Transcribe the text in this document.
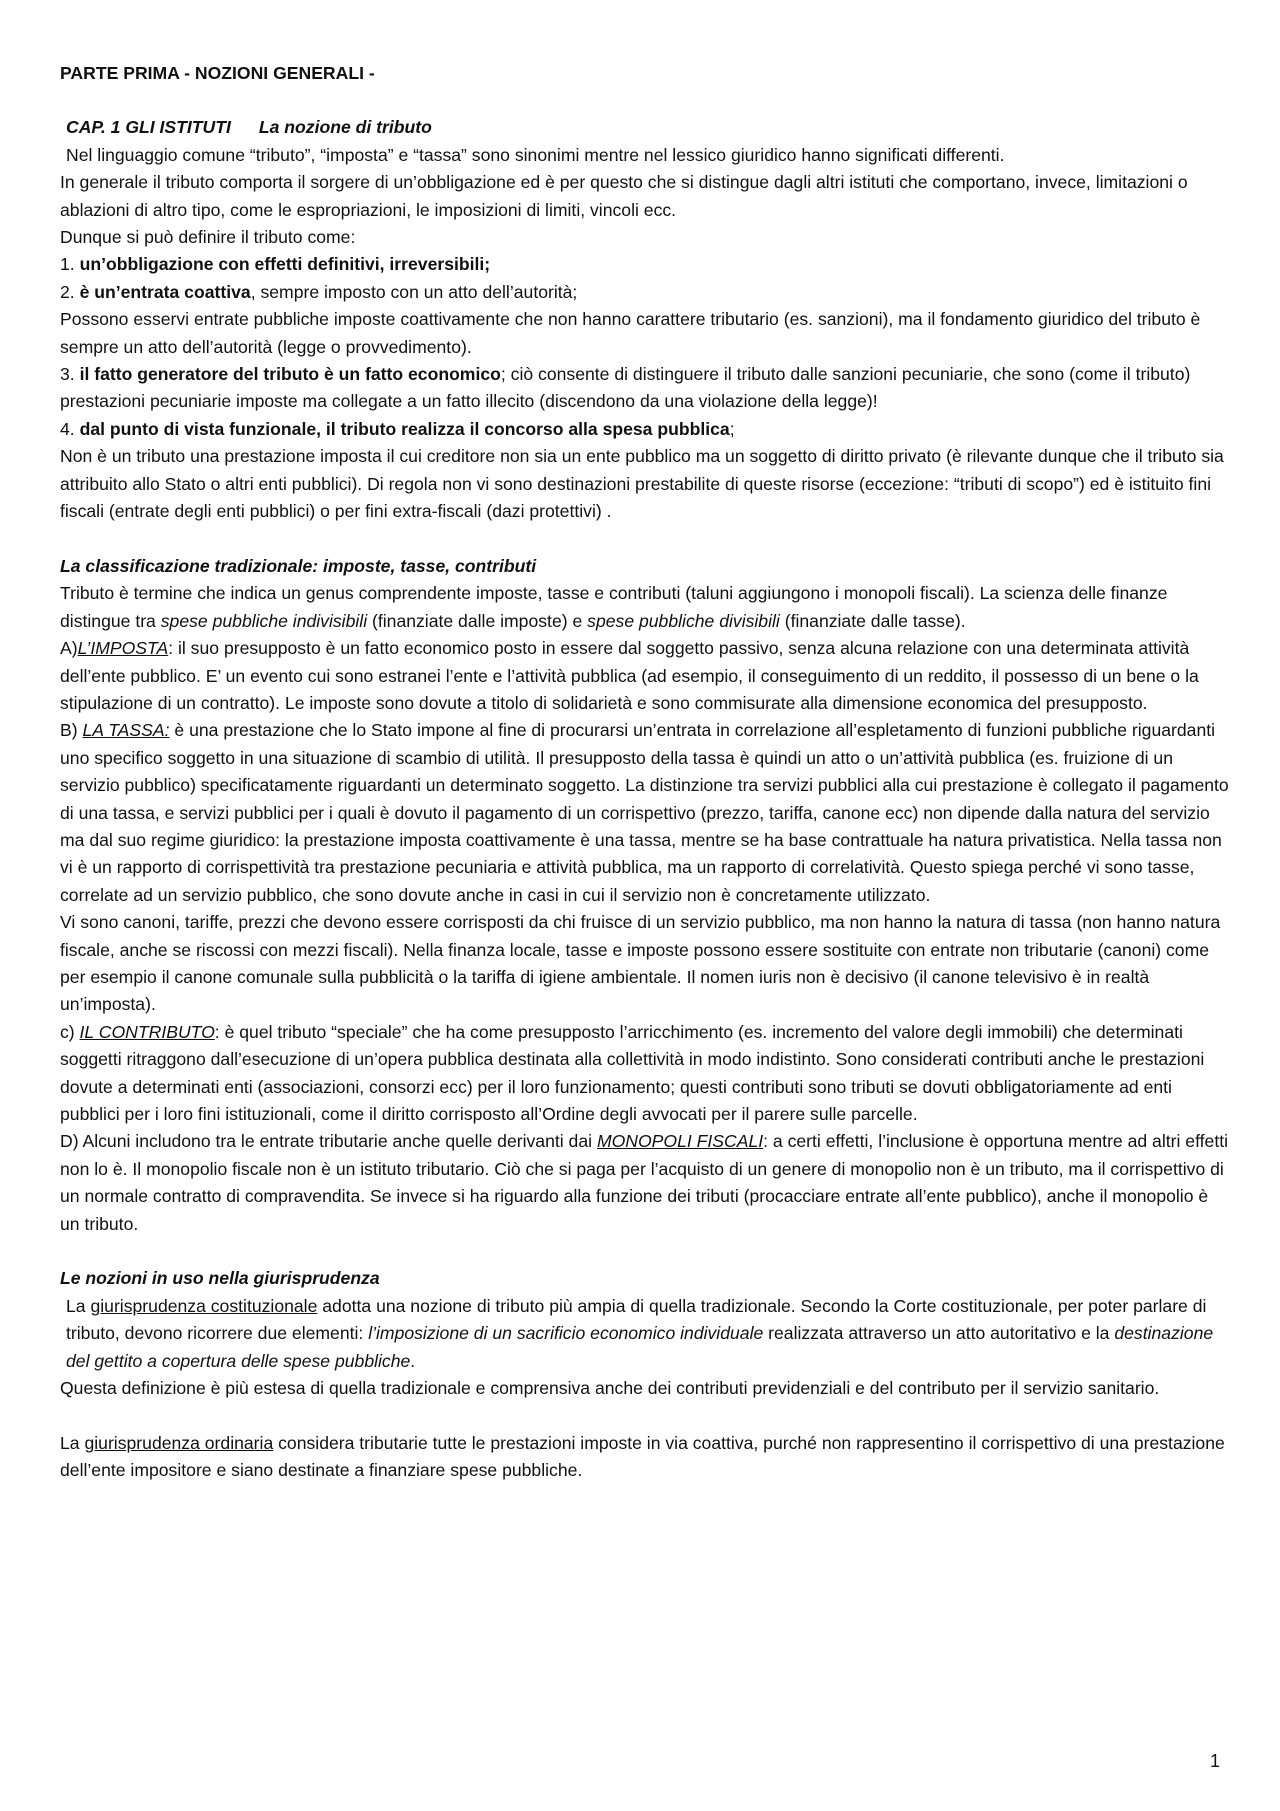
PARTE PRIMA - NOZIONI GENERALI -

CAP. 1 GLI ISTITUTI La nozione di tributo

Nel linguaggio comune “tributo”, “imposta” e “tassa” sono sinonimi mentre nel lessico giuridico hanno significati differenti.

In generale il tributo comporta il sorgere di un’obbligazione ed è per questo che si distingue dagli altri istituti che comportano, invece, limitazioni o ablazioni di altro tipo, come le espropriazioni, le imposizioni di limiti, vincoli ecc.

Dunque si può definire il tributo come:

1. un’obbligazione con effetti definitivi, irreversibili;

2. è un’entrata coattiva, sempre imposto con un atto dell’autorità;

Possono esservi entrate pubbliche imposte coattivamente che non hanno carattere tributario (es. sanzioni), ma il fondamento giuridico del tributo è sempre un atto dell’autorità (legge o provvedimento).

3. il fatto generatore del tributo è un fatto economico; ciò consente di distinguere il tributo dalle sanzioni pecuniarie, che sono (come il tributo) prestazioni pecuniarie imposte ma collegate a un fatto illecito (discendono da una violazione della legge)!

4. dal punto di vista funzionale, il tributo realizza il concorso alla spesa pubblica;

Non è un tributo una prestazione imposta il cui creditore non sia un ente pubblico ma un soggetto di diritto privato (è rilevante dunque che il tributo sia attribuito allo Stato o altri enti pubblici). Di regola non vi sono destinazioni prestabilite di queste risorse (eccezione: “tributi di scopo”) ed è istituito fini fiscali (entrate degli enti pubblici) o per fini extra-fiscali (dazi protettivi) .

La classificazione tradizionale: imposte, tasse, contributi

Tributo è termine che indica un genus comprendente imposte, tasse e contributi (taluni aggiungono i monopoli fiscali). La scienza delle finanze distingue tra spese pubbliche indivisibili (finanziate dalle imposte) e spese pubbliche divisibili (finanziate dalle tasse).

A)L’IMPOSTA: il suo presupposto è un fatto economico posto in essere dal soggetto passivo, senza alcuna relazione con una determinata attività dell’ente pubblico. E’ un evento cui sono estranei l’ente e l’attività pubblica (ad esempio, il conseguimento di un reddito, il possesso di un bene o la stipulazione di un contratto). Le imposte sono dovute a titolo di solidarietà e sono commisurate alla dimensione economica del presupposto.

B) LA TASSA: è una prestazione che lo Stato impone al fine di procurarsi un’entrata in correlazione all’espletamento di funzioni pubbliche riguardanti uno specifico soggetto in una situazione di scambio di utilità. Il presupposto della tassa è quindi un atto o un’attività pubblica (es. fruizione di un servizio pubblico) specificatamente riguardanti un determinato soggetto. La distinzione tra servizi pubblici alla cui prestazione è collegato il pagamento di una tassa, e servizi pubblici per i quali è dovuto il pagamento di un corrispettivo (prezzo, tariffa, canone ecc) non dipende dalla natura del servizio ma dal suo regime giuridico: la prestazione imposta coattivamente è una tassa, mentre se ha base contrattuale ha natura privatistica. Nella tassa non vi è un rapporto di corrispettività tra prestazione pecuniaria e attività pubblica, ma un rapporto di correlatività. Questo spiega perché vi sono tasse, correlate ad un servizio pubblico, che sono dovute anche in casi in cui il servizio non è concretamente utilizzato.

Vi sono canoni, tariffe, prezzi che devono essere corrisposti da chi fruisce di un servizio pubblico, ma non hanno la natura di tassa (non hanno natura fiscale, anche se riscossi con mezzi fiscali). Nella finanza locale, tasse e imposte possono essere sostituite con entrate non tributarie (canoni) come per esempio il canone comunale sulla pubblicità o la tariffa di igiene ambientale. Il nomen iuris non è decisivo (il canone televisivo è in realtà un’imposta).

c) IL CONTRIBUTO: è quel tributo “speciale” che ha come presupposto l’arricchimento (es. incremento del valore degli immobili) che determinati soggetti ritraggono dall’esecuzione di un’opera pubblica destinata alla collettività in modo indistinto. Sono considerati contributi anche le prestazioni dovute a determinati enti (associazioni, consorzi ecc) per il loro funzionamento; questi contributi sono tributi se dovuti obbligatoriamente ad enti pubblici per i loro fini istituzionali, come il diritto corrisposto all’Ordine degli avvocati per il parere sulle parcelle.

D) Alcuni includono tra le entrate tributarie anche quelle derivanti dai MONOPOLI FISCALI: a certi effetti, l’inclusione è opportuna mentre ad altri effetti non lo è. Il monopolio fiscale non è un istituto tributario. Ciò che si paga per l’acquisto di un genere di monopolio non è un tributo, ma il corrispettivo di un normale contratto di compravendita. Se invece si ha riguardo alla funzione dei tributi (procacciare entrate all’ente pubblico), anche il monopolio è un tributo.

Le nozioni in uso nella giurisprudenza

La giurisprudenza costituzionale adotta una nozione di tributo più ampia di quella tradizionale. Secondo la Corte costituzionale, per poter parlare di tributo, devono ricorrere due elementi: l’imposizione di un sacrificio economico individuale realizzata attraverso un atto autoritativo e la destinazione del gettito a copertura delle spese pubbliche.

Questa definizione è più estesa di quella tradizionale e comprensiva anche dei contributi previdenziali e del contributo per il servizio sanitario.

La giurisprudenza ordinaria considera tributarie tutte le prestazioni imposte in via coattiva, purché non rappresentino il corrispettivo di una prestazione dell’ente impositore e siano destinate a finanziare spese pubbliche.

1
